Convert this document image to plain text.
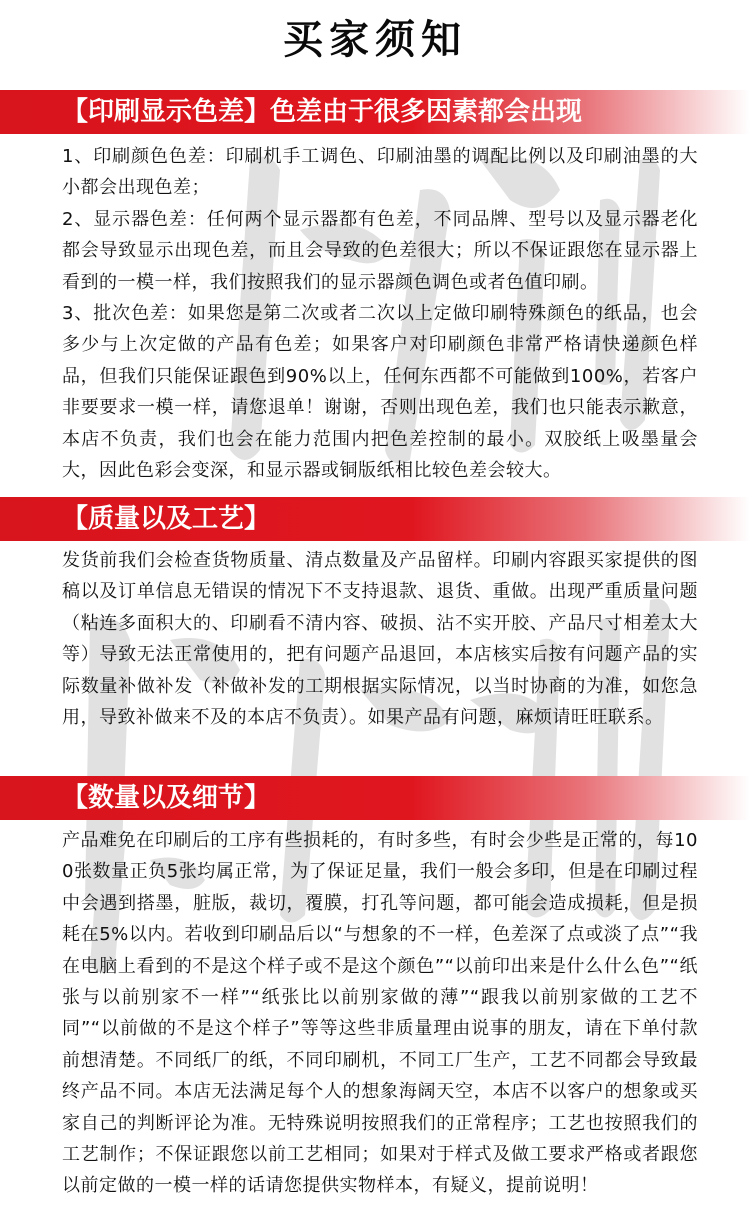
买家须知
【印刷显示色差】色差由于很多因素都会出现

1、印刷颜色色差：印刷机手工调色、印刷油墨的调配比例以及印刷油墨的大小都会出现色差；

2、显示器色差：任何两个显示器都有色差，不同品牌、型号以及显示器老化都会导致显示出现色差，而且会导致的色差很大；所以不保证跟您在显示器上看到的一模一样，我们按照我们的显示器颜色调色或者色值印刷。

3、批次色差：如果您是第二次或者二次以上定做印刷特殊颜色的纸品，也会多少与上次定做的产品有色差；如果客户对印刷颜色非常严格请快递颜色样品，但我们只能保证跟色到90%以上，任何东西都不可能做到100%，若客户非要要求一模一样，请您退单！谢谢，否则出现色差，我们也只能表示歉意，本店不负责，我们也会在能力范围内把色差控制的最小。双胶纸上吸墨量会大，因此色彩会变深，和显示器或铜版纸相比较色差会较大。

【质量以及工艺】

发货前我们会检查货物质量、清点数量及产品留样。印刷内容跟买家提供的图稿以及订单信息无错误的情况下不支持退款、退货、重做。出现严重质量问题（粘连多面积大的、印刷看不清内容、破损、沾不实开胶、产品尺寸相差太大等）导致无法正常使用的，把有问题产品退回，本店核实后按有问题产品的实际数量补做补发（补做补发的工期根据实际情况，以当时协商的为准，如您急用，导致补做来不及的本店不负责）。如果产品有问题，麻烦请旺旺联系。

【数量以及细节】

产品难免在印刷后的工序有些损耗的，有时多些，有时会少些是正常的，每100张数量正负5张均属正常，为了保证足量，我们一般会多印，但是在印刷过程中会遇到搭墨，脏版，裁切，覆膜，打孔等问题，都可能会造成损耗，但是损耗在5%以内。若收到印刷品后以“与想象的不一样，色差深了点或淡了点”“我在电脑上看到的不是这个样子或不是这个颜色”“以前印出来是什么什么色”“纸张与以前别家不一样”“纸张比以前别家做的薄”“跟我以前别家做的工艺不同”“以前做的不是这个样子”等等这些非质量理由说事的朋友，请在下单付款前想清楚。不同纸厂的纸，不同印刷机，不同工厂生产，工艺不同都会导致最终产品不同。本店无法满足每个人的想象海阔天空，本店不以客户的想象或买家自己的判断评论为准。无特殊说明按照我们的正常程序；工艺也按照我们的工艺制作；不保证跟您以前工艺相同；如果对于样式及做工要求严格或者跟您以前定做的一模一样的话请您提供实物样本，有疑义，提前说明！
